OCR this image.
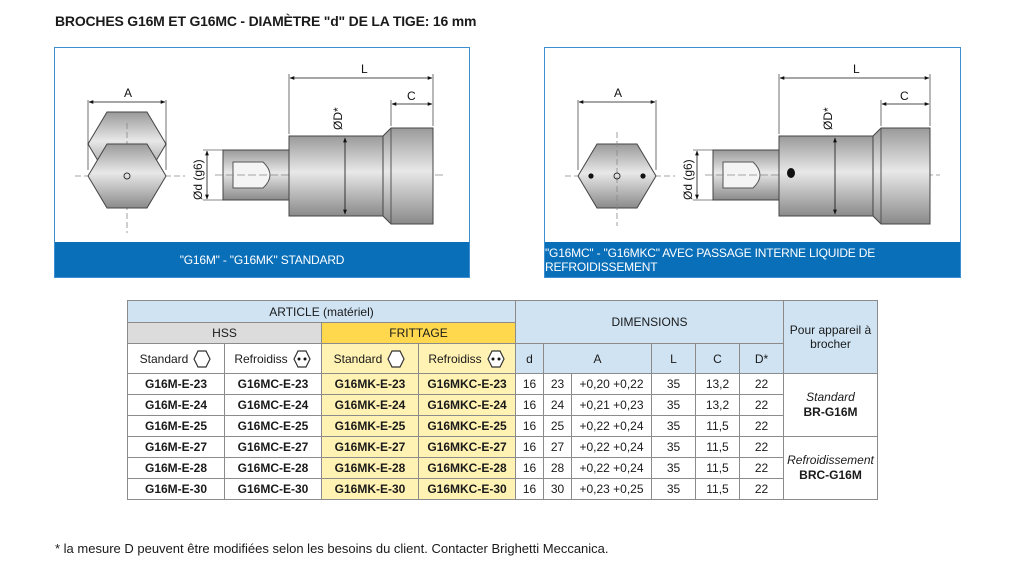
BROCHES G16M ET G16MC - DIAMÈTRE "d" DE LA TIGE: 16 mm
A
L
C
ØD*
Ød (g6)
"G16M" - "G16MK" STANDARD
A
L
C
ØD*
Ød (g6)
"G16MC" - "G16MKC" AVEC PASSAGE INTERNE LIQUIDE DE REFROIDISSEMENT
ARTICLE (matériel)				DIMENSIONS						Pour appareil à brocher
HSS		FRITTAGE								

Standard	Refroidiss	Standard	Refroidiss	d	A		L	C	D*	
G16M-E-23	G16MC-E-23	G16MK-E-23	G16MKC-E-23	16	23	+0,20 +0,22	35	13,2	22	Standard
BR-G16M

G16M-E-24	G16MC-E-24	G16MK-E-24	G16MKC-E-24	16	24	+0,21 +0,23	35	13,2	22	
G16M-E-25	G16MC-E-25	G16MK-E-25	G16MKC-E-25	16	25	+0,22 +0,24	35	11,5	22	
G16M-E-27	G16MC-E-27	G16MK-E-27	G16MKC-E-27	16	27	+0,22 +0,24	35	11,5	22	Refroidissement
BRC-G16M

G16M-E-28	G16MC-E-28	G16MK-E-28	G16MKC-E-28	16	28	+0,22 +0,24	35	11,5	22	
G16M-E-30	G16MC-E-30	G16MK-E-30	G16MKC-E-30	16	30	+0,23 +0,25	35	11,5	22	
* la mesure D peuvent être modifiées selon les besoins du client. Contacter Brighetti Meccanica.
